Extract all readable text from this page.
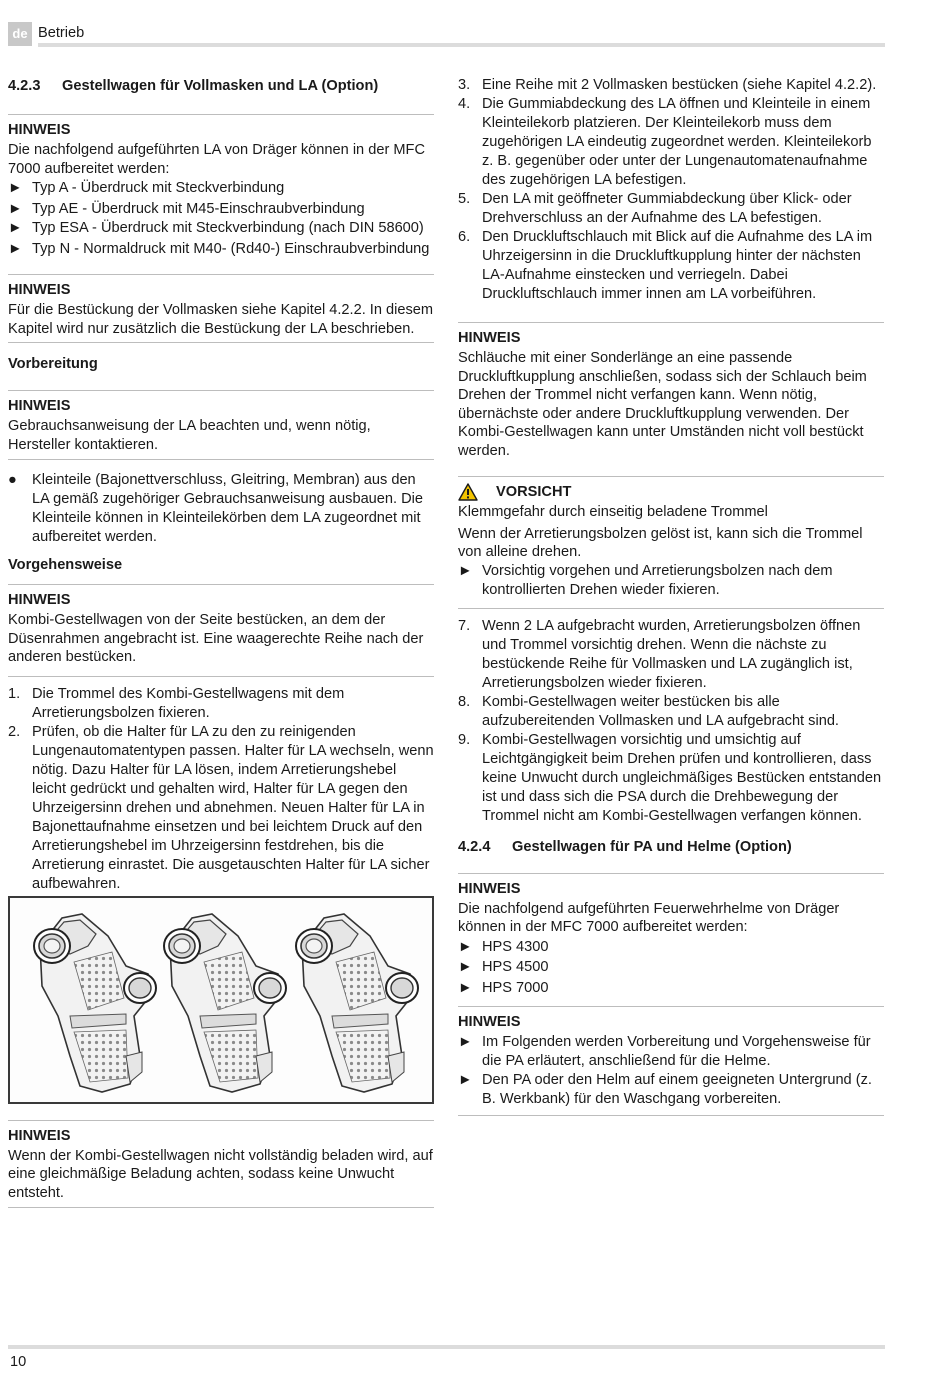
de Betrieb
4.2.3 Gestellwagen für Vollmasken und LA (Option)
HINWEIS
Die nachfolgend aufgeführten LA von Dräger können in der MFC 7000 aufbereitet werden:
► Typ A - Überdruck mit Steckverbindung
► Typ AE - Überdruck mit M45-Einschraubverbindung
► Typ ESA - Überdruck mit Steckverbindung (nach DIN 58600)
► Typ N - Normaldruck mit M40- (Rd40-) Einschraubverbindung
HINWEIS
Für die Bestückung der Vollmasken siehe Kapitel 4.2.2. In diesem Kapitel wird nur zusätzlich die Bestückung der LA beschrieben.
Vorbereitung
HINWEIS
Gebrauchsanweisung der LA beachten und, wenn nötig, Hersteller kontaktieren.
● Kleinteile (Bajonettverschluss, Gleitring, Membran) aus den LA gemäß zugehöriger Gebrauchsanweisung ausbauen. Die Kleinteile können in Kleinteilekörben dem LA zugeordnet mit aufbereitet werden.
Vorgehensweise
HINWEIS
Kombi-Gestellwagen von der Seite bestücken, an dem der Düsenrahmen angebracht ist. Eine waagerechte Reihe nach der anderen bestücken.
1. Die Trommel des Kombi-Gestellwagens mit dem Arretierungsbolzen fixieren.
2. Prüfen, ob die Halter für LA zu den zu reinigenden Lungenautomatentypen passen. Halter für LA wechseln, wenn nötig. Dazu Halter für LA lösen, indem Arretierungshebel leicht gedrückt und gehalten wird, Halter für LA gegen den Uhrzeigersinn drehen und abnehmen. Neuen Halter für LA in Bajonettaufnahme einsetzen und bei leichtem Druck auf den Arretierungshebel im Uhrzeigersinn festdrehen, bis die Arretierung einrastet. Die ausgetauschten Halter für LA sicher aufbewahren.
HINWEIS
Wenn der Kombi-Gestellwagen nicht vollständig beladen wird, auf eine gleichmäßige Beladung achten, sodass keine Unwucht entsteht.
3. Eine Reihe mit 2 Vollmasken bestücken (siehe Kapitel 4.2.2).
4. Die Gummiabdeckung des LA öffnen und Kleinteile in einem Kleinteilekorb platzieren. Der Kleinteilekorb muss dem zugehörigen LA eindeutig zugeordnet werden. Kleinteilekorb z. B. gegenüber oder unter der Lungenautomatenaufnahme des zugehörigen LA befestigen.
5. Den LA mit geöffneter Gummiabdeckung über Klick- oder Drehverschluss an der Aufnahme des LA befestigen.
6. Den Druckluftschlauch mit Blick auf die Aufnahme des LA im Uhrzeigersinn in die Druckluftkupplung hinter der nächsten LA-Aufnahme einstecken und verriegeln. Dabei Druckluftschlauch immer innen am LA vorbeiführen.
HINWEIS
Schläuche mit einer Sonderlänge an eine passende Druckluftkupplung anschließen, sodass sich der Schlauch beim Drehen der Trommel nicht verfangen kann. Wenn nötig, übernächste oder andere Druckluftkupplung verwenden. Der Kombi-Gestellwagen kann unter Umständen nicht voll bestückt werden.
VORSICHT
Klemmgefahr durch einseitig beladene Trommel
Wenn der Arretierungsbolzen gelöst ist, kann sich die Trommel von alleine drehen.
► Vorsichtig vorgehen und Arretierungsbolzen nach dem kontrollierten Drehen wieder fixieren.
7. Wenn 2 LA aufgebracht wurden, Arretierungsbolzen öffnen und Trommel vorsichtig drehen. Wenn die nächste zu bestückende Reihe für Vollmasken und LA zugänglich ist, Arretierungsbolzen wieder fixieren.
8. Kombi-Gestellwagen weiter bestücken bis alle aufzubereitenden Vollmasken und LA aufgebracht sind.
9. Kombi-Gestellwagen vorsichtig und umsichtig auf Leichtgängigkeit beim Drehen prüfen und kontrollieren, dass keine Unwucht durch ungleichmäßiges Bestücken entstanden ist und dass sich die PSA durch die Drehbewegung der Trommel nicht am Kombi-Gestellwagen verfangen können.
4.2.4 Gestellwagen für PA und Helme (Option)
HINWEIS
Die nachfolgend aufgeführten Feuerwehrhelme von Dräger können in der MFC 7000 aufbereitet werden:
► HPS 4300
► HPS 4500
► HPS 7000
HINWEIS
► Im Folgenden werden Vorbereitung und Vorgehensweise für die PA erläutert, anschließend für die Helme.
► Den PA oder den Helm auf einem geeigneten Untergrund (z. B. Werkbank) für den Waschgang vorbereiten.
10
